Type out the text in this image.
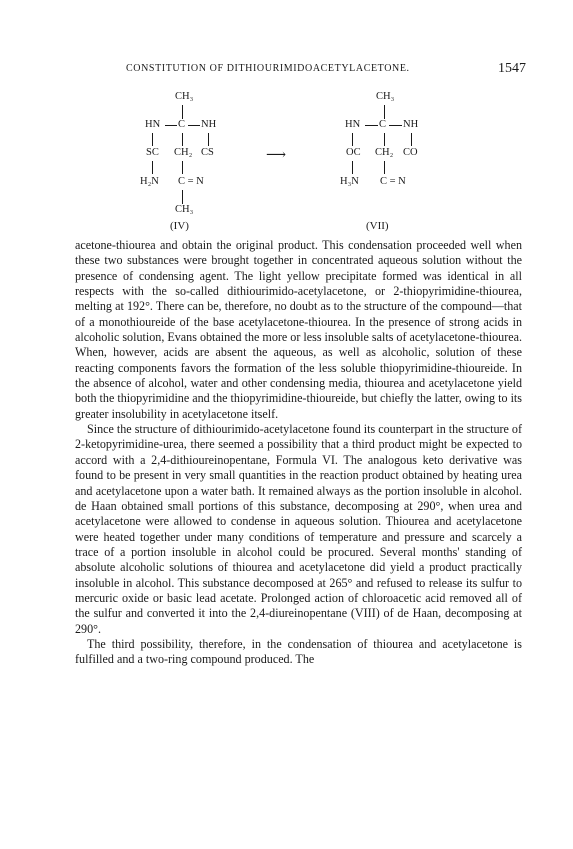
CONSTITUTION OF DITHIOURIMIDOACETYLACETONE.	1547
CH₃
HN C NH
SC CH₂ CS
H₂N C = N
CH₃
(IV)
⟶
CH₃
HN C NH
OC CH₂ CO
H₃N C = N
(VII)

acetone-thiourea and obtain the original product. This condensation proceeded well when these two substances were brought together in concentrated aqueous solution without the presence of condensing agent. The light yellow precipitate formed was identical in all respects with the so-called dithiourimido-acetylacetone, or 2-thiopyrimidine-thiourea, melting at 192°. There can be, therefore, no doubt as to the structure of the compound—that of a monothioureide of the base acetylacetone-thiourea. In the presence of strong acids in alcoholic solution, Evans obtained the more or less insoluble salts of acetylacetone-thiourea. When, however, acids are absent the aqueous, as well as alcoholic, solution of these reacting components favors the formation of the less soluble thiopyrimidine-thioureide. In the absence of alcohol, water and other condensing media, thiourea and acetylacetone yield both the thiopyrimidine and the thiopyrimidine-thioureide, but chiefly the latter, owing to its greater insolubility in acetylacetone itself.

Since the structure of dithiourimido-acetylacetone found its counterpart in the structure of 2-ketopyrimidine-urea, there seemed a possibility that a third product might be expected to accord with a 2,4-dithioureinopentane, Formula VI. The analogous keto derivative was found to be present in very small quantities in the reaction product obtained by heating urea and acetylacetone upon a water bath. It remained always as the portion insoluble in alcohol. de Haan obtained small portions of this substance, decomposing at 290°, when urea and acetylacetone were allowed to condense in aqueous solution. Thiourea and acetylacetone were heated together under many conditions of temperature and pressure and scarcely a trace of a portion insoluble in alcohol could be procured. Several months' standing of absolute alcoholic solutions of thiourea and acetylacetone did yield a product practically insoluble in alcohol. This substance decomposed at 265° and refused to release its sulfur to mercuric oxide or basic lead acetate. Prolonged action of chloroacetic acid removed all of the sulfur and converted it into the 2,4-diureinopentane (VIII) of de Haan, decomposing at 290°.

The third possibility, therefore, in the condensation of thiourea and acetylacetone is fulfilled and a two-ring compound produced. The
